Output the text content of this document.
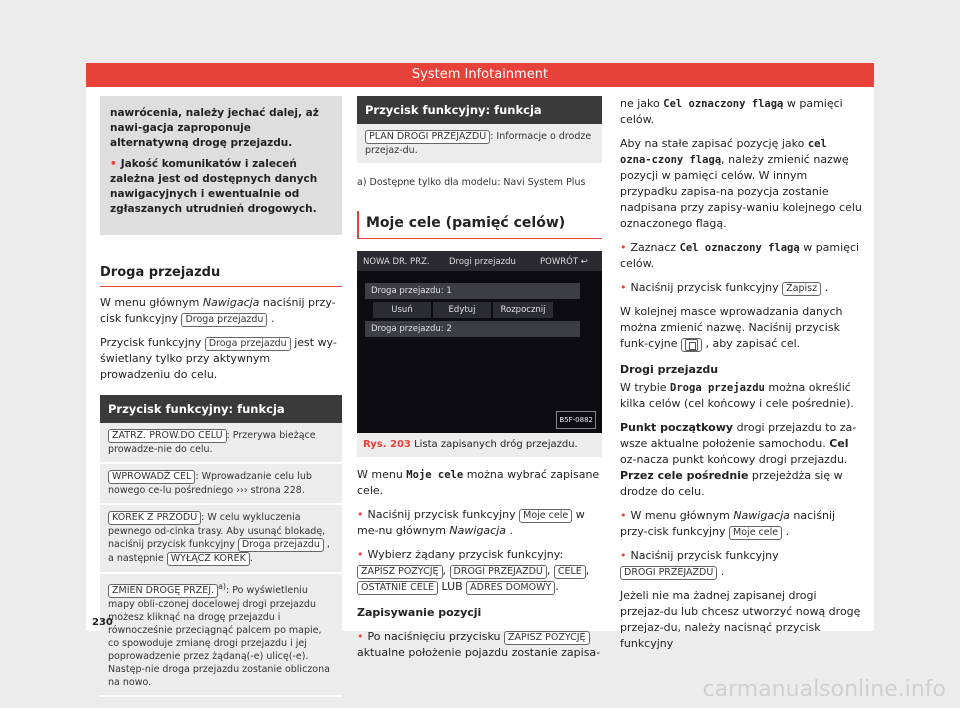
System Infotainment

nawrócenia, należy jechać dalej, aż nawi-gacja zaproponuje alternatywną drogę przejazdu.

• Jakość komunikatów i zaleceń zależna jest od dostępnych danych nawigacyjnych i ewentualnie od zgłaszanych utrudnień drogowych.

Droga przejazdu

W menu głównym Nawigacja naciśnij przy-cisk funkcyjny Droga przejazdu .

Przycisk funkcyjny Droga przejazdu jest wy-świetlany tylko przy aktywnym prowadzeniu do celu.

Przycisk funkcyjny: funkcja
ZATRZ. PROW.DO CELU : Przerywa bieżące prowadze-nie do celu.
WPROWADŹ CEL : Wprowadzanie celu lub nowego ce-lu pośredniego ››› strona 228.
KOREK Z PRZODU : W celu wykluczenia pewnego od-cinka trasy. Aby usunąć blokadę, naciśnij przycisk funkcyjny Droga przejazdu , a następnie WYŁĄCZ KOREK .
ZMIEŃ DROGĘ PRZEJ. $^{a)}$: Po wyświetleniu mapy obli-czonej docelowej drogi przejazdu możesz kliknąć na drogę przejazdu i równocześnie przeciągnąć palcem po mapie, co spowoduje zmianę drogi przejazdu i jej poprowadzenie przez żądaną(-e) ulicę(-e). Następ-nie droga przejazdu zostanie obliczona na nowo.
Przycisk funkcyjny: funkcja
PLAN DROGI PRZEJAZDU : Informacje o drodze przejaz-du.
a) Dostępne tylko dla modelu: Navi System Plus
Moje cele (pamięć celów)
NOWA DR. PRZ. Drogi przejazdu	POWRÓT ↩
Droga przejazdu: 1
Usuń	Edytuj	Rozpocznij
Droga przejazdu: 2
B5F-0882
Rys. 203 Lista zapisanych dróg przejazdu.

W menu Moje cele można wybrać zapisane cele.

• Naciśnij przycisk funkcyjny Moje cele w me-nu głównym Nawigacja .

• Wybierz żądany przycisk funkcyjny: ZAPISZ POZYCJĘ , DROGI PRZEJAZDU , CELE , OSTATNIE CELE LUB ADRES DOMOWY .

Zapisywanie pozycji

• Po naciśnięciu przycisku ZAPISZ POZYCJĘ aktualne położenie pojazdu zostanie zapisa-

ne jako Cel oznaczony flagą w pamięci celów.

Aby na stałe zapisać pozycję jako cel ozna-czony flagą, należy zmienić nazwę pozycji w pamięci celów. W innym przypadku zapisa-na pozycja zostanie nadpisana przy zapisy-waniu kolejnego celu oznaczonego flagą.

• Zaznacz Cel oznaczony flagą w pamięci celów.

• Naciśnij przycisk funkcyjny Zapisz .

W kolejnej masce wprowadzania danych można zmienić nazwę. Naciśnij przycisk funk-cyjne  , aby zapisać cel.

Drogi przejazdu

W trybie Droga przejazdu można określić kilka celów (cel końcowy i cele pośrednie).

Punkt początkowy drogi przejazdu to za-wsze aktualne położenie samochodu. Cel oz-nacza punkt końcowy drogi przejazdu. Przez cele pośrednie przejeżdża się w drodze do celu.

• W menu głównym Nawigacja naciśnij przy-cisk funkcyjny Moje cele .

• Naciśnij przycisk funkcyjny DROGI PRZEJAZDU .

Jeżeli nie ma żadnej zapisanej drogi przejaz-du lub chcesz utworzyć nową drogę przejaz-du, należy nacisnąć przycisk funkcyjny

230
carmanualsonline.info
